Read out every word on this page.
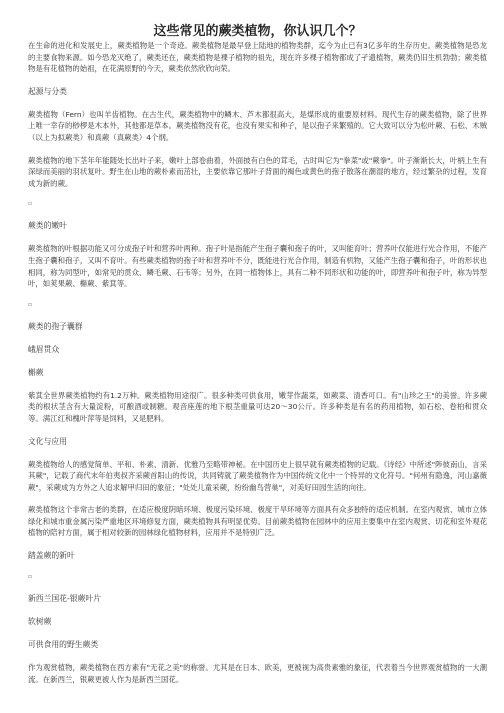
这些常见的蕨类植物，你认识几个？
在生命的进化和发展史上，蕨类植物是一个奇迹。蕨类植物是最早登上陆地的植物类群，迄今为止已有3亿多年的生存历史。蕨类植物是恐龙的主要食物来源。如今恐龙灭绝了，蕨类还在，蕨类植物是裸子植物的祖先，现在许多裸子植物都成了孑遗植物，蕨类仍旧生机勃勃；蕨类植物是有花植物的始祖，在花满原野的今天，蕨类依然欣欣向荣。
起源与分类
蕨类植物（Fern）也叫羊齿植物。在古生代，蕨类植物中的鳞木、芦木都很高大，是煤形成的重要原材料。现代生存的蕨类植物，除了世界上唯一幸存的桫椤是木本外，其他都是草本。蕨类植物没有花，也没有果实和种子，是以孢子来繁殖的。它大致可以分为松叶蕨、石松、木贼（以上为拟蕨类）和真蕨（真蕨类）4个纲。
蕨类植物的地下茎年年能随处长出叶子来，嫩叶上部卷曲着，外面披有白色的茸毛，古时叫它为"拳菜"或"蕨拳"。叶子渐渐长大，叶柄上生有深绿而美丽的羽状复叶。野生在山地的蕨朴素而茁壮，主要依靠它那叶子背面的褐色或黄色的孢子散落在潮湿的地方，经过繁杂的过程，发育成为新的蕨。
▫
蕨类的嫩叶
蕨类植物的叶根据功能又可分成孢子叶和营养叶两种。孢子叶是指能产生孢子囊和孢子的叶，又叫能育叶；营养叶仅能进行光合作用，不能产生孢子囊和孢子，又叫不育叶。有些蕨类植物的孢子叶和营养叶不分，既能进行光合作用，制造有机物，又能产生孢子囊和孢子，叶的形状也相同，称为同型叶，如常见的贯众、鳞毛蕨、石韦等；另外，在同一植物体上，具有二种不同形状和功能的叶，即营养叶和孢子叶，称为异型叶，如荚果蕨、槲蕨、紫萁等。
▫
蕨类的孢子囊群
峨眉贯众
槲蕨
紫萁全世界蕨类植物约有1.2万种。蕨类植物用途很广。很多种类可供食用，嫩芽作蔬菜，如蕨菜、清香可口。有"山珍之王"的美誉。许多蕨类的根状茎含有大量淀粉，可酿酒或制糖。观音座莲的地下根茎重量可达20～30公斤。许多种类是有名的药用植物，如石松、卷柏和贯众等。满江红和槐叶萍等是饲料，又是肥料。
文化与应用
蕨类植物给人的感觉简单、平和、朴素、清新、优雅乃至略带神秘。在中国历史上很早就有蕨类植物的记载。《诗经》中所述"陟彼南山，言采其蕨"，记载了商代末年伯夷叔齐采蕨首阳山的传说，共同铸就了蕨类植物作为中国传统文化中一个特异的文化符号。"何州有隐逸，河山嘉薇蕨"，采蕨成为方外之人追求解甲归田的象征；"处处儿童采蕨，纷纷幽鸟营巢"，对美好田园生活的向往。
蕨类植物这个非常古老的类群，在适应极度阴暗环境、极度污染环境、极度干旱环境等方面具有众多独特的适应机制。在室内观赏、城市立体绿化和城市重金属污染严重地区环境修复方面，蕨类植物具有明显优势。目前蕨类植物在园林中的应用主要集中在室内观赏、切花和室外观花植物的陪衬方面，属于相对较新的园林绿化植物材料，应用并不是特别广泛。
踏盖蕨的新叶
▫
新西兰国花-银蕨叶片
软树蕨
可供食用的野生蕨类
作为观赏植物，蕨类植物在西方素有"无花之美"的称誉。尤其是在日本、欧美，更被视为高贵素雅的象征，代表着当今世界观赏植物的一大潮流。在新西兰，银蕨更被人作为是新西兰国花。
